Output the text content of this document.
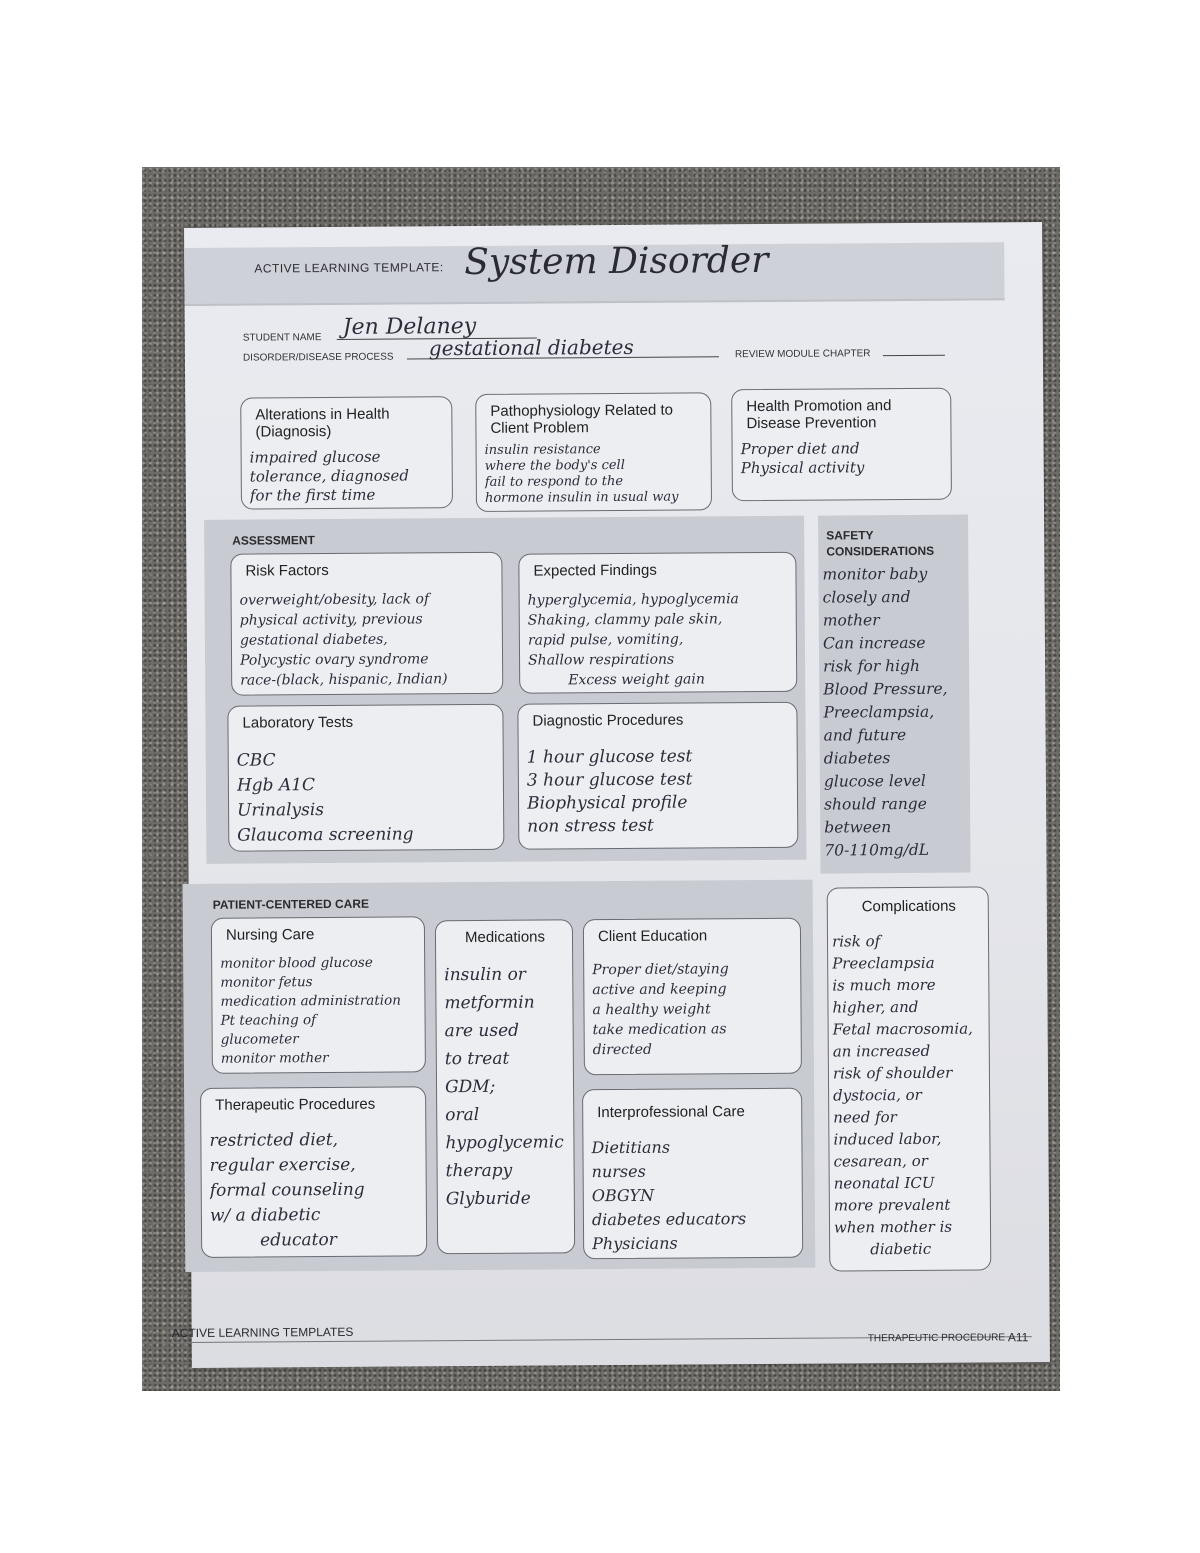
ACTIVE LEARNING TEMPLATE: System Disorder
STUDENT NAME Jen Delaney
DISORDER/DISEASE PROCESS gestational diabetes	REVIEW MODULE CHAPTER
Alterations in Health (Diagnosis)
impaired glucose
tolerance, diagnosed
for the first time
Pathophysiology Related to Client Problem
insulin resistance
where the body's cell
fail to respond to the
hormone insulin in usual way
Health Promotion and Disease Prevention
Proper diet and
Physical activity
ASSESSMENT
Risk Factors
overweight/obesity, lack of
physical activity, previous
gestational diabetes,
Polycystic ovary syndrome
race-(black, hispanic, Indian)
Expected Findings
hyperglycemia, hypoglycemia
Shaking, clammy pale skin,
rapid pulse, vomiting,
Shallow respirations
Excess weight gain
Laboratory Tests
CBC
Hgb A1C
Urinalysis
Glaucoma screening
Diagnostic Procedures
1 hour glucose test
3 hour glucose test
Biophysical profile
non stress test
SAFETY CONSIDERATIONS
monitor baby
closely and
mother
Can increase
risk for high
Blood Pressure,
Preeclampsia,
and future
diabetes
glucose level
should range
between
70-110mg/dL
PATIENT-CENTERED CARE
Nursing Care
monitor blood glucose
monitor fetus
medication administration
Pt teaching of
glucometer
monitor mother
Medications
insulin or
metformin
are used
to treat
GDM;
oral
hypoglycemic
therapy
Glyburide
Client Education
Proper diet/staying
active and keeping
a healthy weight
take medication as
directed
Therapeutic Procedures
restricted diet,
regular exercise,
formal counseling
w/ a diabetic
educator
Interprofessional Care
Dietitians
nurses
OBGYN
diabetes educators
Physicians
Complications
risk of
Preeclampsia
is much more
higher, and
Fetal macrosomia,
an increased
risk of shoulder
dystocia, or
need for
induced labor,
cesarean, or
neonatal ICU
more prevalent
when mother is
diabetic
ACTIVE LEARNING TEMPLATES	THERAPEUTIC PROCEDURE A11
